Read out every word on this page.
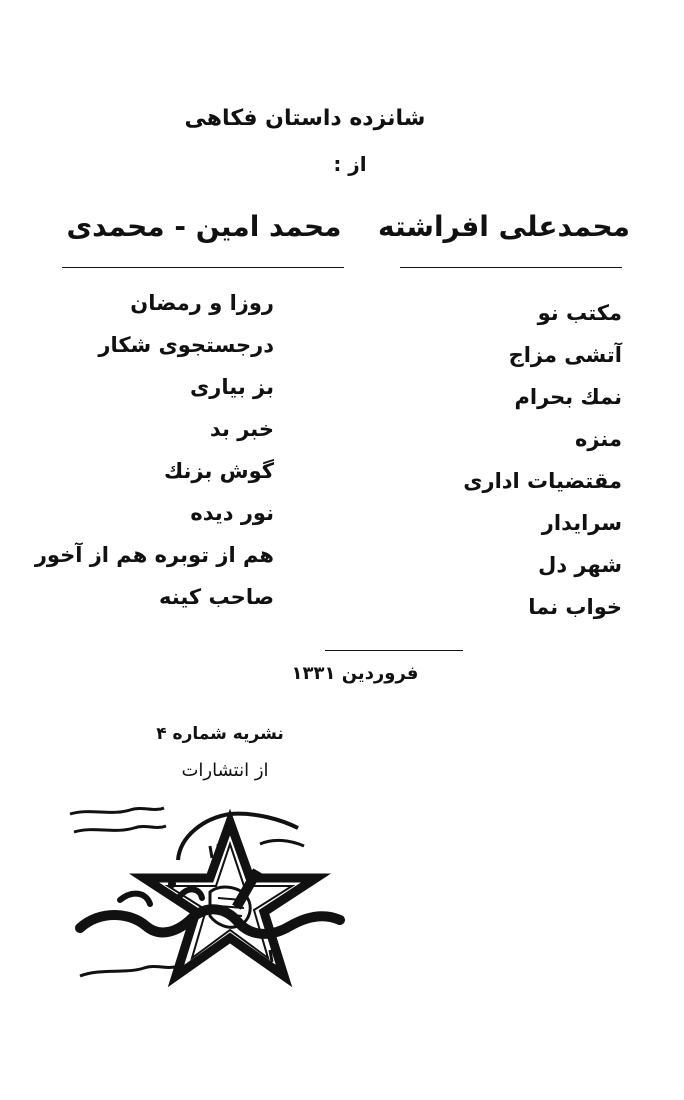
شانزده داستان فکاهی
از :
محمد امین - محمدی محمدعلی افراشته
روزا و رمضان
درجستجوی شکار
بز بیاری
خبر بد
گوش بزنك
نور دیده
هم از توبره هم از آخور
صاحب کینه
مکتب نو
آتشی مزاج
نمك بحرام
منزه
مقتضیات اداری
سرایدار
شهر دل
خواب نما
فروردین ۱۳۳۱
نشریه شماره ۴
از انتشارات
